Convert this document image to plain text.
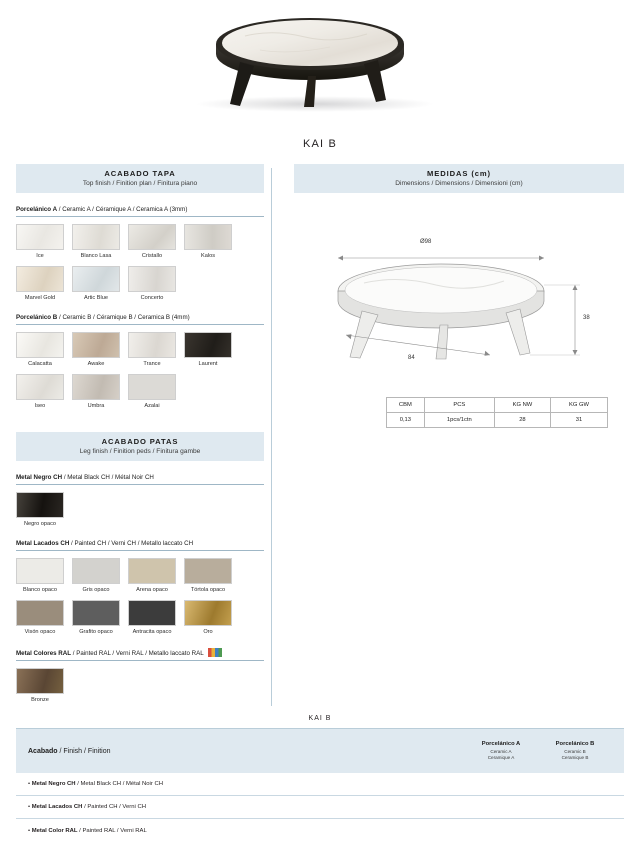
KAI B
ACABADO TAPA
Top finish / Finition plan / Finitura piano
Porcelánico A / Ceramic A / Céramique A / Ceramica A (3mm)
Ice	Blanco Lasa	Cristallo	Kalos
Marvel Gold	Artic Blue	Concerto
Porcelánico B / Ceramic B / Céramique B / Ceramica B (4mm)
Calacatta	Awake	Trance	Laurent
Iseo	Umbra	Azalai
ACABADO PATAS
Leg finish / Finition peds / Finitura gambe
Metal Negro CH / Metal Black CH / Métal Noir CH
Negro opaco
Metal Lacados CH / Painted CH / Verni CH / Metallo laccato CH
Blanco opaco	Gris opaco	Arena opaco	Tórtola opaco
Visón opaco	Grafito opaco	Antracita opaco	Oro
Metal Colores RAL / Painted RAL / Verni RAL / Metallo laccato RAL
Bronze
MEDIDAS (cm)
Dimensions / Dimensions / Dimensioni (cm)
Ø98
84
38
CBM	PCS	KG NW	KG GW
0,13	1pcs/1ctn	28	31
KAI B
Acabado / Finish / Finition
Porcelánico A
Ceramic A
Ceramique A
Porcelánico B
Ceramic B
Ceramique B
• Metal Negro CH / Metal Black CH / Métal Noir CH
• Metal Lacados CH / Painted CH / Verni CH
• Metal Color RAL / Painted RAL / Verni RAL
